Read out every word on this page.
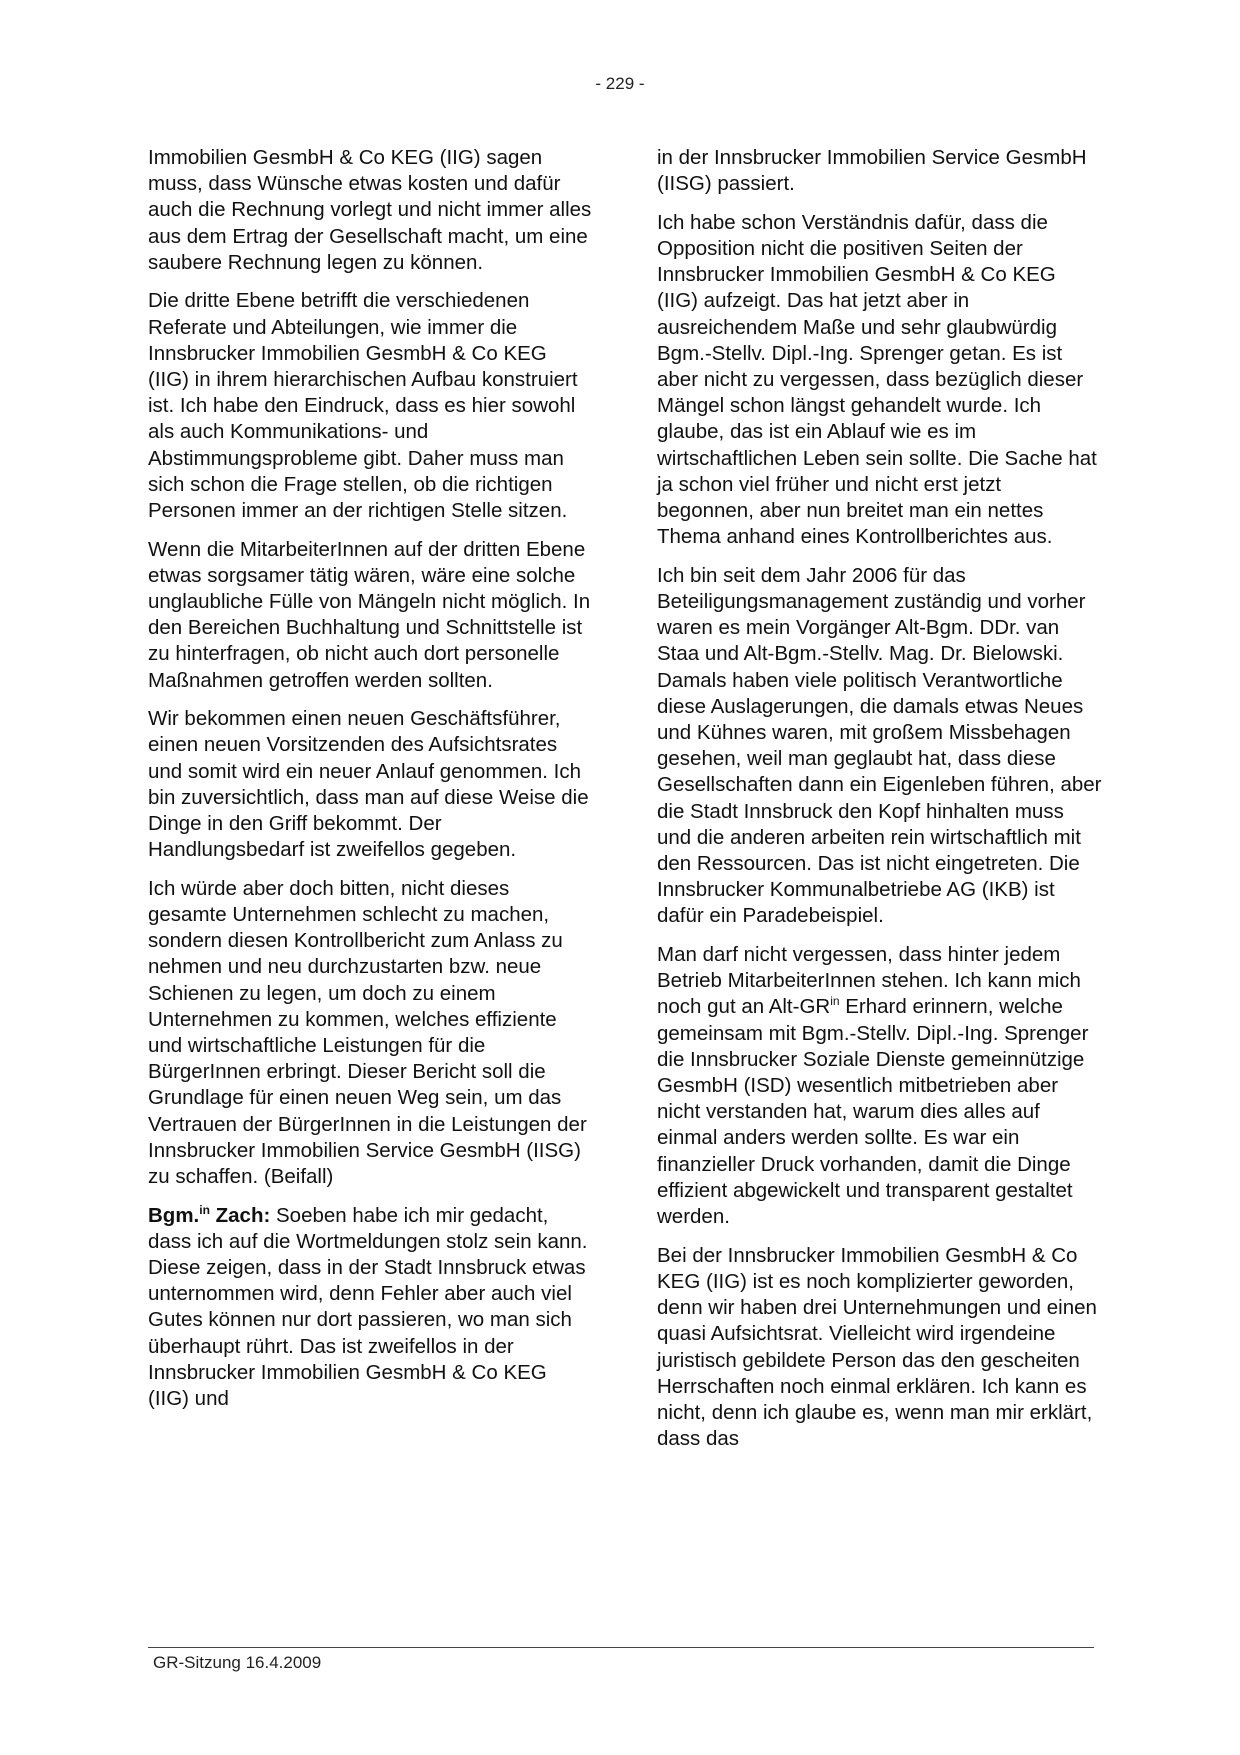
- 229 -

Immobilien GesmbH & Co KEG (IIG) sagen muss, dass Wünsche etwas kosten und dafür auch die Rechnung vorlegt und nicht immer alles aus dem Ertrag der Gesellschaft macht, um eine saubere Rechnung legen zu können.

Die dritte Ebene betrifft die verschiedenen Referate und Abteilungen, wie immer die Innsbrucker Immobilien GesmbH & Co KEG (IIG) in ihrem hierarchischen Aufbau konstruiert ist. Ich habe den Eindruck, dass es hier sowohl als auch Kommunikations- und Abstimmungsprobleme gibt. Daher muss man sich schon die Frage stellen, ob die richtigen Personen immer an der richtigen Stelle sitzen.

Wenn die MitarbeiterInnen auf der dritten Ebene etwas sorgsamer tätig wären, wäre eine solche unglaubliche Fülle von Mängeln nicht möglich. In den Bereichen Buchhaltung und Schnittstelle ist zu hinterfragen, ob nicht auch dort personelle Maßnahmen getroffen werden sollten.

Wir bekommen einen neuen Geschäftsführer, einen neuen Vorsitzenden des Aufsichtsrates und somit wird ein neuer Anlauf genommen. Ich bin zuversichtlich, dass man auf diese Weise die Dinge in den Griff bekommt. Der Handlungsbedarf ist zweifellos gegeben.

Ich würde aber doch bitten, nicht dieses gesamte Unternehmen schlecht zu machen, sondern diesen Kontrollbericht zum Anlass zu nehmen und neu durchzustarten bzw. neue Schienen zu legen, um doch zu einem Unternehmen zu kommen, welches effiziente und wirtschaftliche Leistungen für die BürgerInnen erbringt. Dieser Bericht soll die Grundlage für einen neuen Weg sein, um das Vertrauen der BürgerInnen in die Leistungen der Innsbrucker Immobilien Service GesmbH (IISG) zu schaffen. (Beifall)

Bgm.$^{in}$ Zach: Soeben habe ich mir gedacht, dass ich auf die Wortmeldungen stolz sein kann. Diese zeigen, dass in der Stadt Innsbruck etwas unternommen wird, denn Fehler aber auch viel Gutes können nur dort passieren, wo man sich überhaupt rührt. Das ist zweifellos in der Innsbrucker Immobilien GesmbH & Co KEG (IIG) und

in der Innsbrucker Immobilien Service GesmbH (IISG) passiert.

Ich habe schon Verständnis dafür, dass die Opposition nicht die positiven Seiten der Innsbrucker Immobilien GesmbH & Co KEG (IIG) aufzeigt. Das hat jetzt aber in ausreichendem Maße und sehr glaubwürdig Bgm.-Stellv. Dipl.-Ing. Sprenger getan. Es ist aber nicht zu vergessen, dass bezüglich dieser Mängel schon längst gehandelt wurde. Ich glaube, das ist ein Ablauf wie es im wirtschaftlichen Leben sein sollte. Die Sache hat ja schon viel früher und nicht erst jetzt begonnen, aber nun breitet man ein nettes Thema anhand eines Kontrollberichtes aus.

Ich bin seit dem Jahr 2006 für das Beteiligungsmanagement zuständig und vorher waren es mein Vorgänger Alt-Bgm. DDr. van Staa und Alt-Bgm.-Stellv. Mag. Dr. Bielowski. Damals haben viele politisch Verantwortliche diese Auslagerungen, die damals etwas Neues und Kühnes waren, mit großem Missbehagen gesehen, weil man geglaubt hat, dass diese Gesellschaften dann ein Eigenleben führen, aber die Stadt Innsbruck den Kopf hinhalten muss und die anderen arbeiten rein wirtschaftlich mit den Ressourcen. Das ist nicht eingetreten. Die Innsbrucker Kommunalbetriebe AG (IKB) ist dafür ein Paradebeispiel.

Man darf nicht vergessen, dass hinter jedem Betrieb MitarbeiterInnen stehen. Ich kann mich noch gut an Alt-$GR^{in}$ Erhard erinnern, welche gemeinsam mit Bgm.-Stellv. Dipl.-Ing. Sprenger die Innsbrucker Soziale Dienste gemeinnützige GesmbH (ISD) wesentlich mitbetrieben aber nicht verstanden hat, warum dies alles auf einmal anders werden sollte. Es war ein finanzieller Druck vorhanden, damit die Dinge effizient abgewickelt und transparent gestaltet werden.

Bei der Innsbrucker Immobilien GesmbH & Co KEG (IIG) ist es noch komplizierter geworden, denn wir haben drei Unternehmungen und einen quasi Aufsichtsrat. Vielleicht wird irgendeine juristisch gebildete Person das den gescheiten Herrschaften noch einmal erklären. Ich kann es nicht, denn ich glaube es, wenn man mir erklärt, dass das

GR-Sitzung 16.4.2009
